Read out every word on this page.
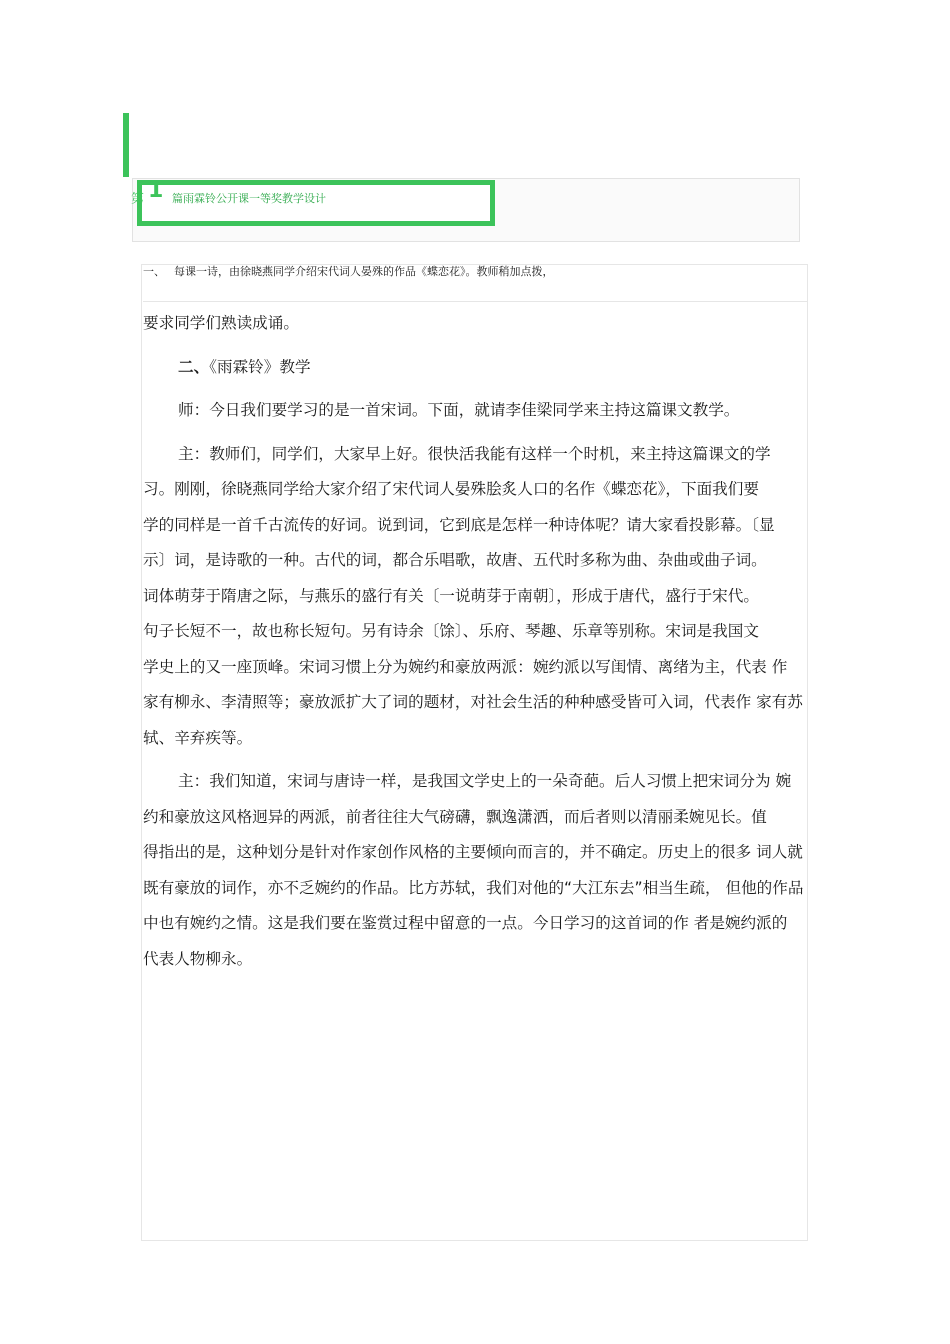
第 1 篇雨霖铃公开课一等奖教学设计
一、 每课一诗，由徐晓燕同学介绍宋代词人晏殊的作品《蝶恋花》。教师稍加点拨，

要求同学们熟读成诵。

二、《雨霖铃》教学

师：今日我们要学习的是一首宋词。下面，就请李佳梁同学来主持这篇课文教学。

主：教师们，同学们，大家早上好。很快活我能有这样一个时机，来主持这篇课文的学

习。刚刚，徐晓燕同学给大家介绍了宋代词人晏殊脍炙人口的名作《蝶恋花》，下面我们要

学的同样是一首千古流传的好词。说到词，它到底是怎样一种诗体呢？请大家看投影幕。〔显

示〕词，是诗歌的一种。古代的词，都合乐唱歌，故唐、五代时多称为曲、杂曲或曲子词。

词体萌芽于隋唐之际，与燕乐的盛行有关〔一说萌芽于南朝〕，形成于唐代，盛行于宋代。

句子长短不一，故也称长短句。另有诗余〔馀〕、乐府、琴趣、乐章等别称。宋词是我国文

学史上的又一座顶峰。宋词习惯上分为婉约和豪放两派：婉约派以写闺情、离绪为主，代表 作

家有柳永、李清照等；豪放派扩大了词的题材，对社会生活的种种感受皆可入词，代表作 家有苏

轼、辛弃疾等。

主：我们知道，宋词与唐诗一样，是我国文学史上的一朵奇葩。后人习惯上把宋词分为 婉

约和豪放这风格迥异的两派，前者往往大气磅礴，飘逸潇洒，而后者则以清丽柔婉见长。值

得指出的是，这种划分是针对作家创作风格的主要倾向而言的，并不确定。历史上的很多 词人就

既有豪放的词作，亦不乏婉约的作品。比方苏轼，我们对他的“大江东去”相当生疏， 但他的作品

中也有婉约之情。这是我们要在鉴赏过程中留意的一点。今日学习的这首词的作 者是婉约派的

代表人物柳永。
